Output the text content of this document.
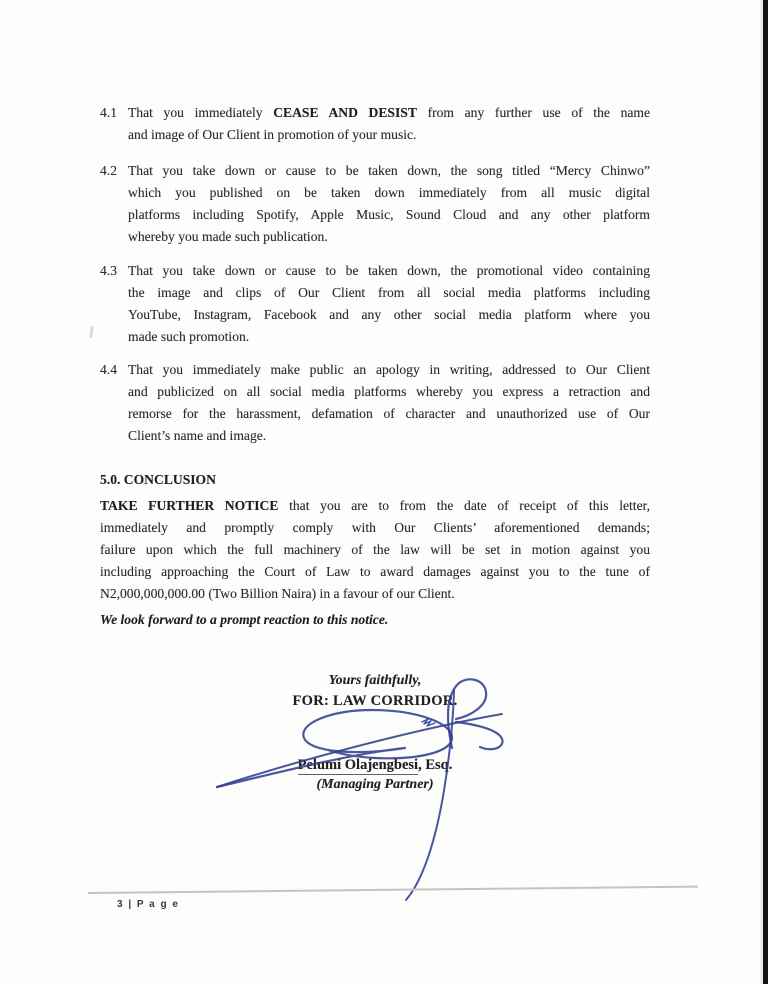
4.1 That you immediately CEASE AND DESIST from any further use of the name
and image of Our Client in promotion of your music.
4.2 That you take down or cause to be taken down, the song titled “Mercy Chinwo”
which you published on be taken down immediately from all music digital
platforms including Spotify, Apple Music, Sound Cloud and any other platform
whereby you made such publication.
4.3 That you take down or cause to be taken down, the promotional video containing
the image and clips of Our Client from all social media platforms including
YouTube, Instagram, Facebook and any other social media platform where you
made such promotion.
4.4 That you immediately make public an apology in writing, addressed to Our Client
and publicized on all social media platforms whereby you express a retraction and
remorse for the harassment, defamation of character and unauthorized use of Our
Client’s name and image.
5.0. CONCLUSION
TAKE FURTHER NOTICE that you are to from the date of receipt of this letter,
immediately and promptly comply with Our Clients’ aforementioned demands;
failure upon which the full machinery of the law will be set in motion against you
including approaching the Court of Law to award damages against you to the tune of
N2,000,000,000.00 (Two Billion Naira) in a favour of our Client.
We look forward to a prompt reaction to this notice.
Yours faithfully,
FOR: LAW CORRIDOR.
Pelumi Olajengbesi, Esq.
(Managing Partner)
3 | P a g e
